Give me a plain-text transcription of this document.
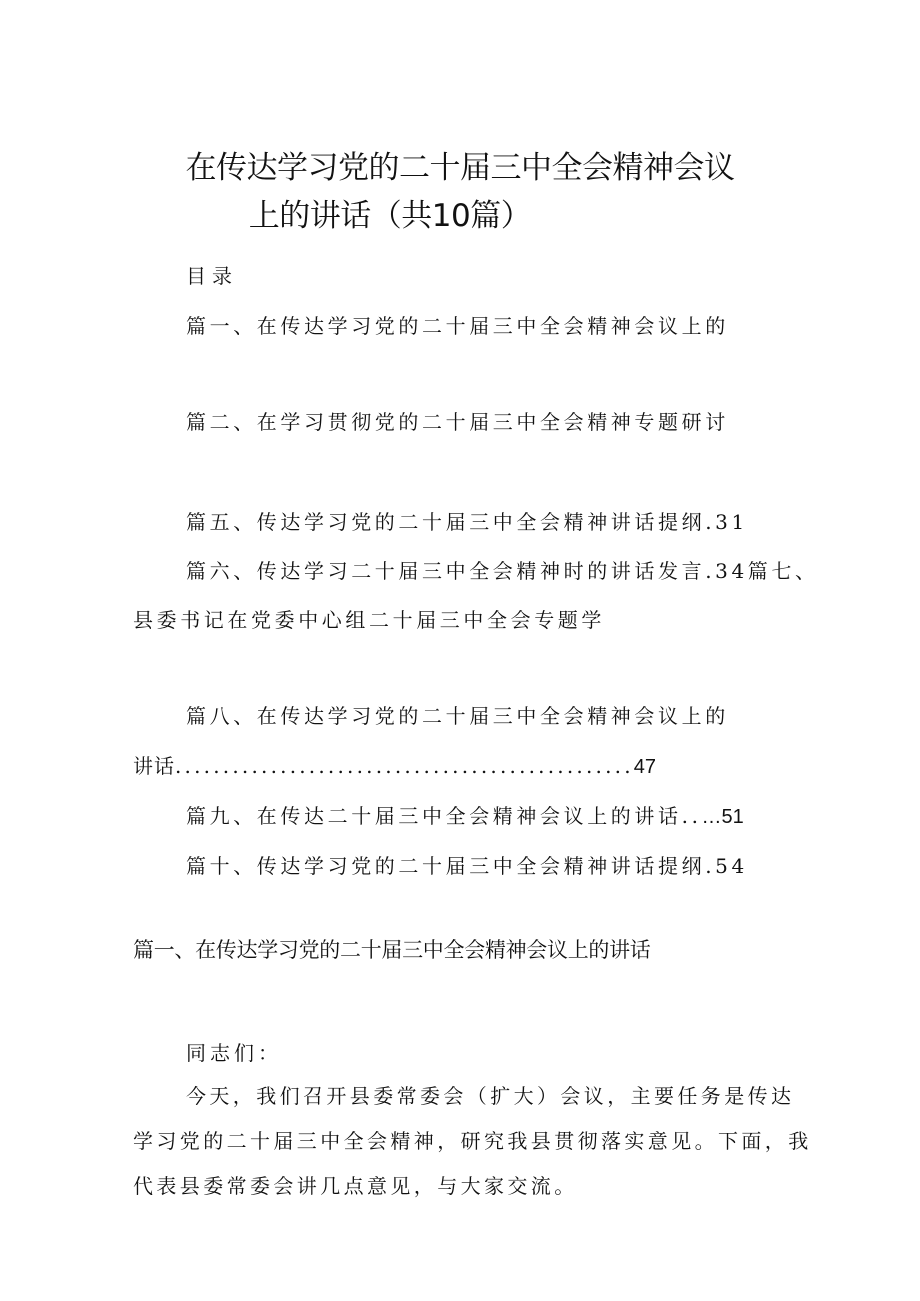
在传达学习党的二十届三中全会精神会议
上的讲话（共10篇）
目录
篇一、在传达学习党的二十届三中全会精神会议上的
篇二、在学习贯彻党的二十届三中全会精神专题研讨
篇五、传达学习党的二十届三中全会精神讲话提纲.31
篇六、传达学习二十届三中全会精神时的讲话发言.34篇七、
县委书记在党委中心组二十届三中全会专题学
篇八、在传达学习党的二十届三中全会精神会议上的
讲话................................................47
篇九、在传达二十届三中全会精神会议上的讲话..…51
篇十、传达学习党的二十届三中全会精神讲话提纲.54
篇一、在传达学习党的二十届三中全会精神会议上的讲话
同志们：
今天，我们召开县委常委会（扩大）会议，主要任务是传达
学习党的二十届三中全会精神，研究我县贯彻落实意见。下面，我
代表县委常委会讲几点意见，与大家交流。
